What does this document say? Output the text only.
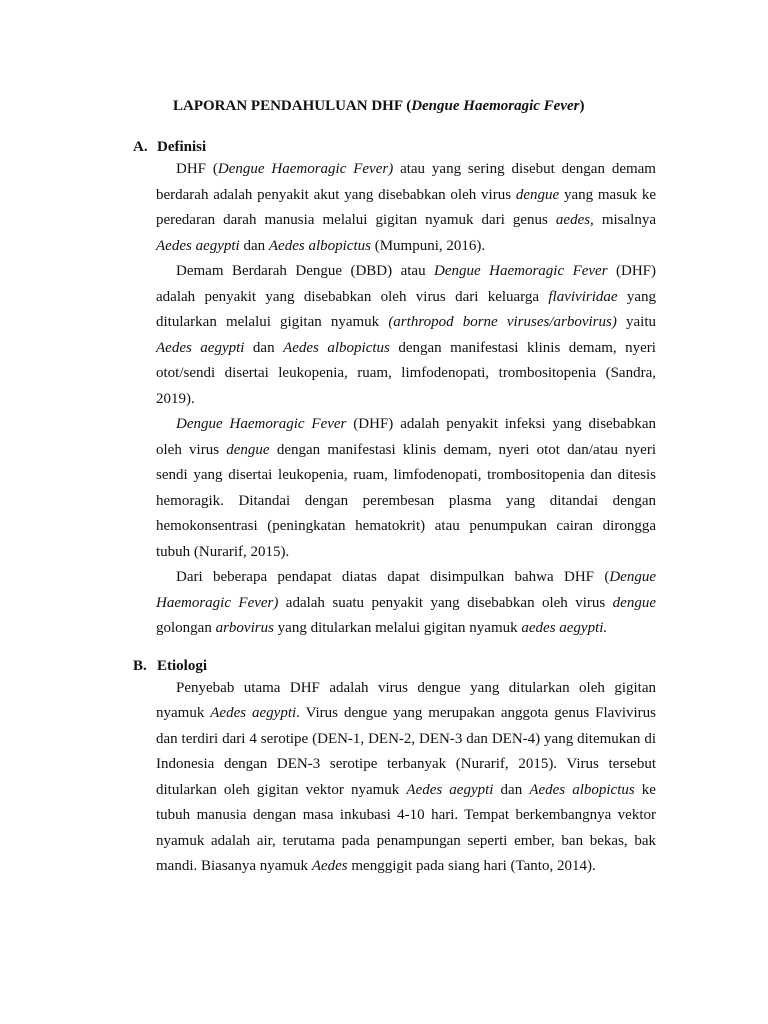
LAPORAN PENDAHULUAN DHF (Dengue Haemoragic Fever)
A. Definisi

DHF (Dengue Haemoragic Fever) atau yang sering disebut dengan demam berdarah adalah penyakit akut yang disebabkan oleh virus dengue yang masuk ke peredaran darah manusia melalui gigitan nyamuk dari genus aedes, misalnya Aedes aegypti dan Aedes albopictus (Mumpuni, 2016).

Demam Berdarah Dengue (DBD) atau Dengue Haemoragic Fever (DHF) adalah penyakit yang disebabkan oleh virus dari keluarga flaviviridae yang ditularkan melalui gigitan nyamuk (arthropod borne viruses/arbovirus) yaitu Aedes aegypti dan Aedes albopictus dengan manifestasi klinis demam, nyeri otot/sendi disertai leukopenia, ruam, limfodenopati, trombositopenia (Sandra, 2019).

Dengue Haemoragic Fever (DHF) adalah penyakit infeksi yang disebabkan oleh virus dengue dengan manifestasi klinis demam, nyeri otot dan/atau nyeri sendi yang disertai leukopenia, ruam, limfodenopati, trombositopenia dan ditesis hemoragik. Ditandai dengan perembesan plasma yang ditandai dengan hemokonsentrasi (peningkatan hematokrit) atau penumpukan cairan dirongga tubuh (Nurarif, 2015).

Dari beberapa pendapat diatas dapat disimpulkan bahwa DHF (Dengue Haemoragic Fever) adalah suatu penyakit yang disebabkan oleh virus dengue golongan arbovirus yang ditularkan melalui gigitan nyamuk aedes aegypti.

B. Etiologi

Penyebab utama DHF adalah virus dengue yang ditularkan oleh gigitan nyamuk Aedes aegypti. Virus dengue yang merupakan anggota genus Flavivirus dan terdiri dari 4 serotipe (DEN-1, DEN-2, DEN-3 dan DEN-4) yang ditemukan di Indonesia dengan DEN-3 serotipe terbanyak (Nurarif, 2015). Virus tersebut ditularkan oleh gigitan vektor nyamuk Aedes aegypti dan Aedes albopictus ke tubuh manusia dengan masa inkubasi 4-10 hari. Tempat berkembangnya vektor nyamuk adalah air, terutama pada penampungan seperti ember, ban bekas, bak mandi. Biasanya nyamuk Aedes menggigit pada siang hari (Tanto, 2014).
